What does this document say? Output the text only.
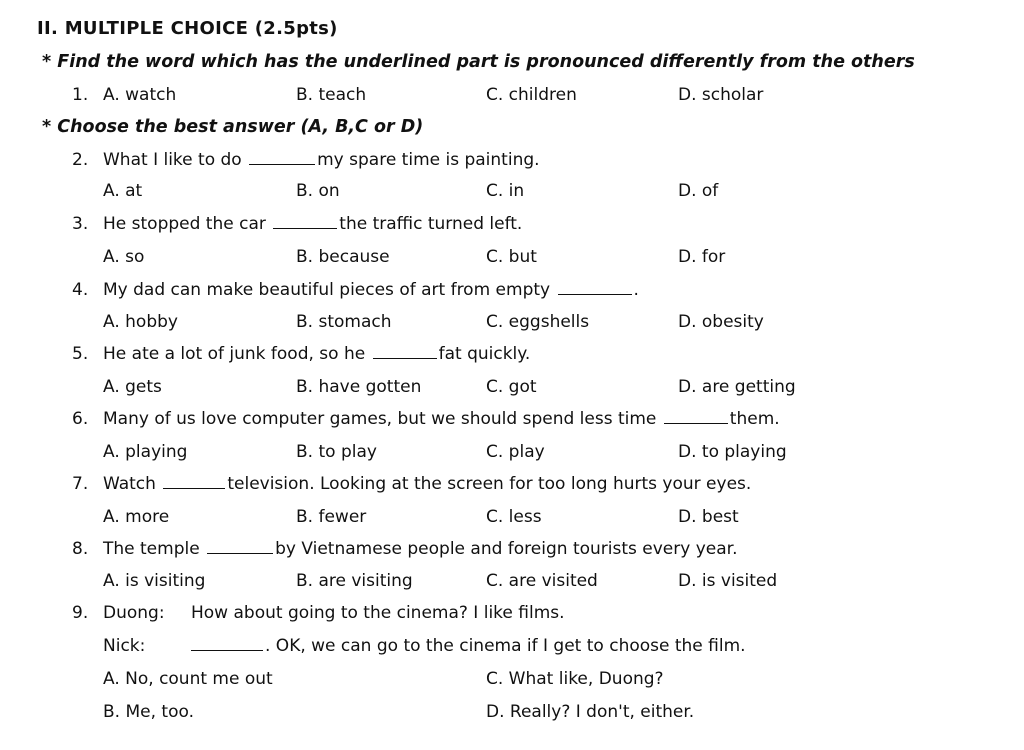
II. MULTIPLE CHOICE (2.5pts)
* Find the word which has the underlined part is pronounced differently from the others
1. A. watch	B. teach	C. children	D. scholar
* Choose the best answer (A, B,C or D)
2. What I like to do	my spare time is painting.
A. at	B. on	C. in	D. of
3. He stopped the car	the traffic turned left.
A. so	B. because	C. but	D. for
4. My dad can make beautiful pieces of art from empty	.
A. hobby	B. stomach	C. eggshells	D. obesity
5. He ate a lot of junk food, so he	fat quickly.
A. gets	B. have gotten	C. got	D. are getting
6. Many of us love computer games, but we should spend less time	them.
A. playing	B. to play	C. play	D. to playing
7. Watch	television. Looking at the screen for too long hurts your eyes.
A. more	B. fewer	C. less	D. best
8. The temple	by Vietnamese people and foreign tourists every year.
A. is visiting	B. are visiting	C. are visited	D. is visited
9. Duong: How about going to the cinema? I like films.
Nick:	. OK, we can go to the cinema if I get to choose the film.
A. No, count me out	C. What like, Duong?
B. Me, too.	D. Really? I don't, either.
